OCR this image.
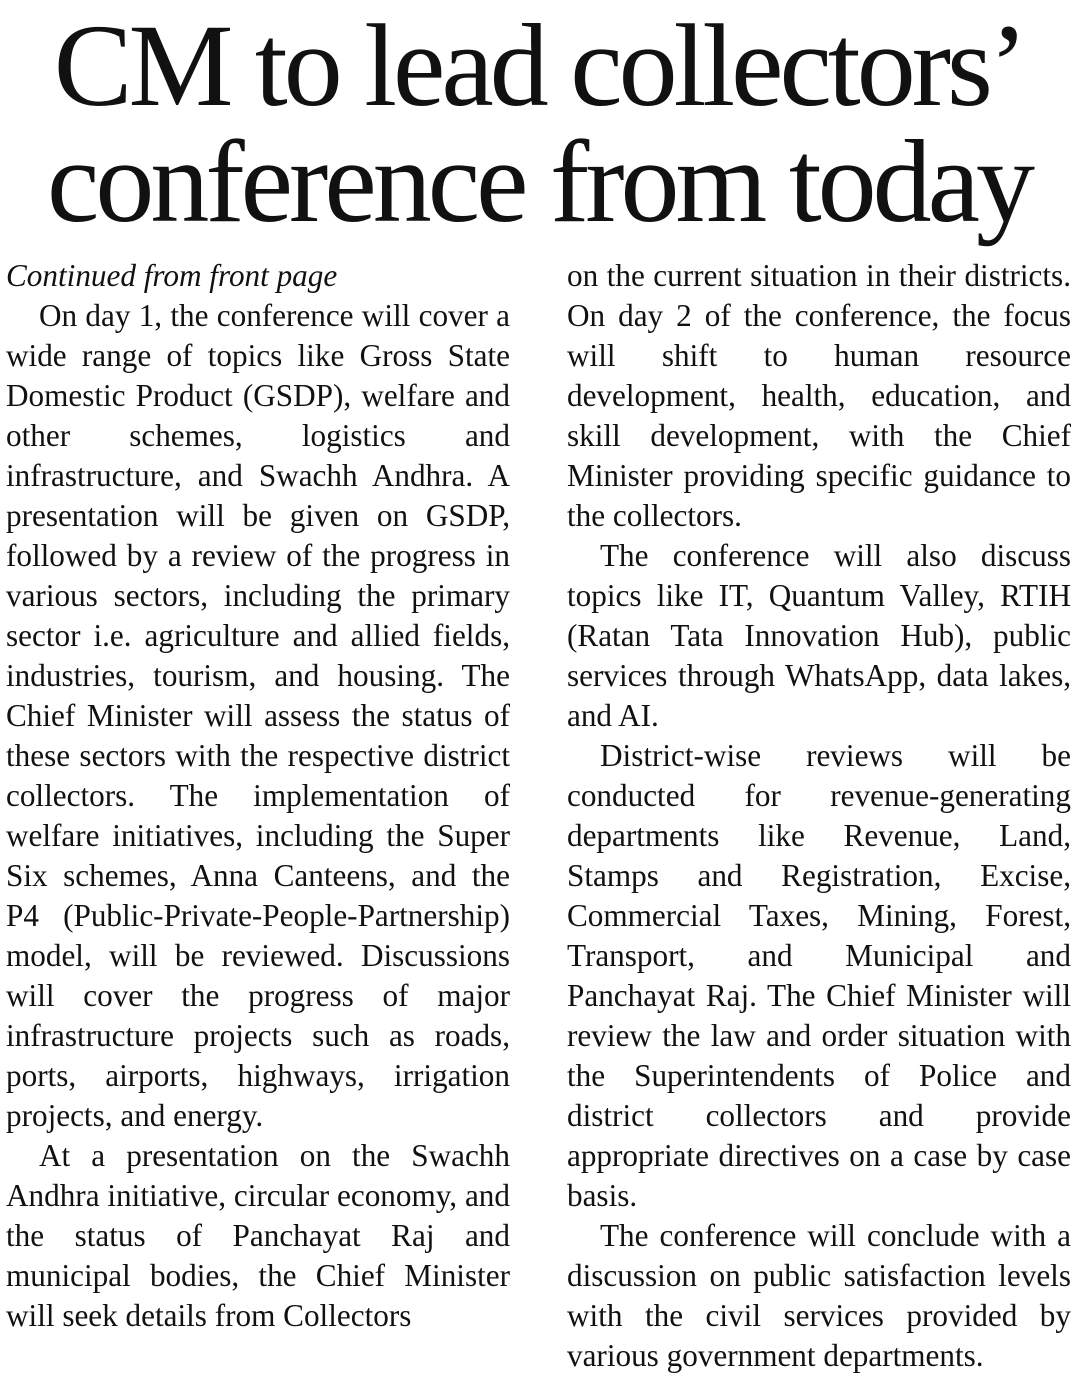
CM to lead collectors’
conference from today

Continued from front page

On day 1, the conference will cover a wide range of topics like Gross State Domestic Product (GSDP), welfare and other schemes, logistics and infrastructure, and Swachh Andhra. A presentation will be given on GSDP, followed by a review of the progress in various sectors, including the primary sector i.e. agriculture and allied fields, industries, tourism, and housing. The Chief Minister will assess the status of these sectors with the respective district collectors. The implementation of welfare initiatives, including the Super Six schemes, Anna Canteens, and the P4 (Public-Private-People-Partnership) model, will be reviewed. Discussions will cover the progress of major infrastructure projects such as roads, ports, airports, highways, irrigation projects, and energy.

At a presentation on the Swachh Andhra initiative, circular economy, and the status of Panchayat Raj and municipal bodies, the Chief Minister will seek details from Collectors

on the current situation in their districts. On day 2 of the conference, the focus will shift to human resource development, health, education, and skill development, with the Chief Minister providing specific guidance to the collectors.

The conference will also discuss topics like IT, Quantum Valley, RTIH (Ratan Tata Innovation Hub), public services through WhatsApp, data lakes, and AI.

District-wise reviews will be conducted for revenue-generating departments like Revenue, Land, Stamps and Registration, Excise, Commercial Taxes, Mining, Forest, Transport, and Municipal and Panchayat Raj. The Chief Minister will review the law and order situation with the Superintendents of Police and district collectors and provide appropriate directives on a case by case basis.

The conference will conclude with a discussion on public satisfaction levels with the civil services provided by various government departments.
